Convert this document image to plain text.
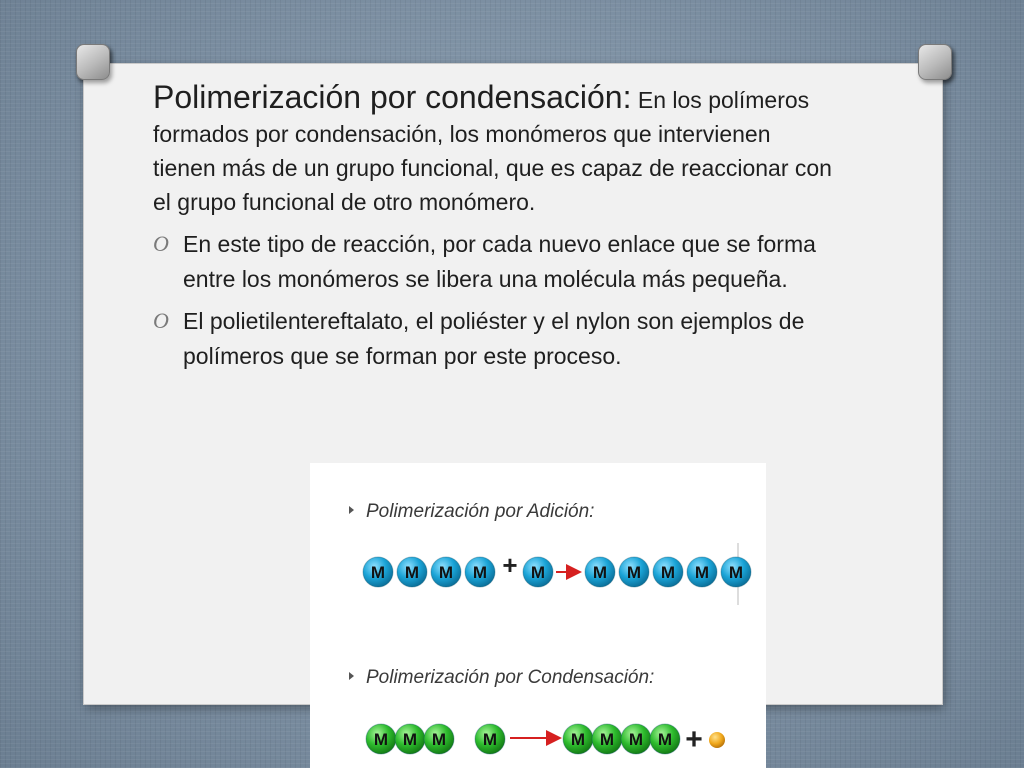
Polimerización por condensación: En los polímeros formados por condensación, los monómeros que intervienen tienen más de un grupo funcional, que es capaz de reaccionar con el grupo funcional de otro monómero.

O En este tipo de reacción, por cada nuevo enlace que se forma entre los monómeros se libera una molécula más pequeña.
O El polietilentereftalato, el poliéster y el nylon son ejemplos de polímeros que se forman por este proceso.
Polimerización por Adición:
Polimerización por Condensación:
M M M M + M	M M M M M
M M M M	M M M M +
